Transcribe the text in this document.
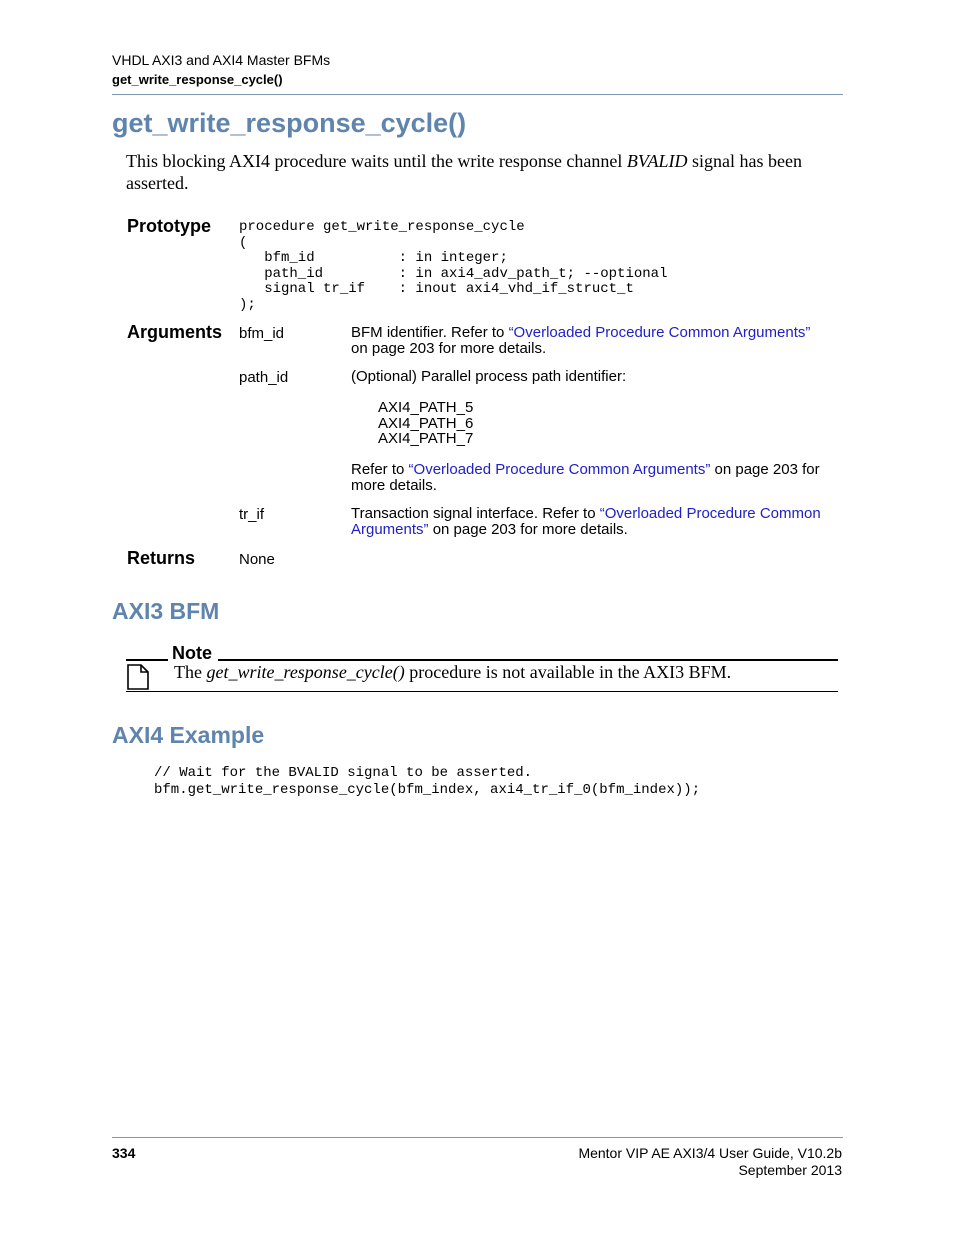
VHDL AXI3 and AXI4 Master BFMs
get_write_response_cycle()
get_write_response_cycle()
This blocking AXI4 procedure waits until the write response channel BVALID signal has been asserted.
Prototype procedure get_write_response_cycle
(
bfm_id          : in integer;
path_id         : in axi4_adv_path_t; --optional
signal tr_if    : inout axi4_vhd_if_struct_t
);
Arguments bfm_id	BFM identifier. Refer to “Overloaded Procedure Common Arguments”
on page 203 for more details.
path_id	(Optional) Parallel process path identifier:
AXI4_PATH_5
AXI4_PATH_6
AXI4_PATH_7
Refer to “Overloaded Procedure Common Arguments” on page 203 for more details.
tr_if	Transaction signal interface. Refer to “Overloaded Procedure Common Arguments” on page 203 for more details.
Returns	None
AXI3 BFM
Note
The get_write_response_cycle() procedure is not available in the AXI3 BFM.
AXI4 Example
// Wait for the BVALID signal to be asserted.
bfm.get_write_response_cycle(bfm_index, axi4_tr_if_0(bfm_index));
334	Mentor VIP AE AXI3/4 User Guide, V10.2b
September 2013
